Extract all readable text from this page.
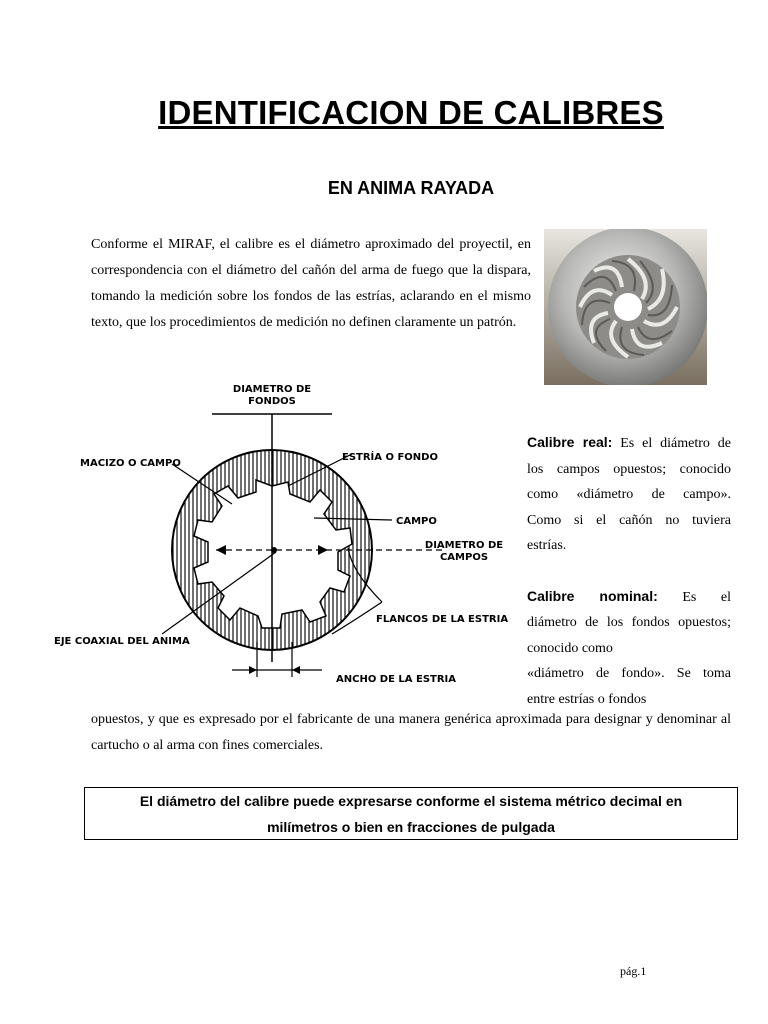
IDENTIFICACION DE CALIBRES
EN ANIMA RAYADA
Conforme el MIRAF, el calibre es el diámetro aproximado del proyectil, en correspondencia con el diámetro del cañón del arma de fuego que la dispara, tomando la medición sobre los fondos de las estrías, aclarando en el mismo texto, que los procedimientos de medición no definen claramente un patrón.
DIAMETRO DE
FONDOS
MACIZO O CAMPO
ESTRÍA O FONDO
CAMPO
DIAMETRO DE
CAMPOS
FLANCOS DE LA ESTRIA
EJE COAXIAL DEL ANIMA
ANCHO DE LA ESTRIA

Calibre real: Es el diámetro de

los campos opuestos; conocido

como «diámetro de campo».

Como si el cañón no tuviera

estrías.

Calibre nominal: Es el

diámetro de los fondos opuestos;

conocido como

«diámetro de fondo». Se toma

entre estrías o fondos

opuestos, y que es expresado por el fabricante de una manera genérica aproximada para designar y denominar al cartucho o al arma con fines comerciales.
El diámetro del calibre puede expresarse conforme el sistema métrico decimal en
milímetros o bien en fracciones de pulgada
pág.1
